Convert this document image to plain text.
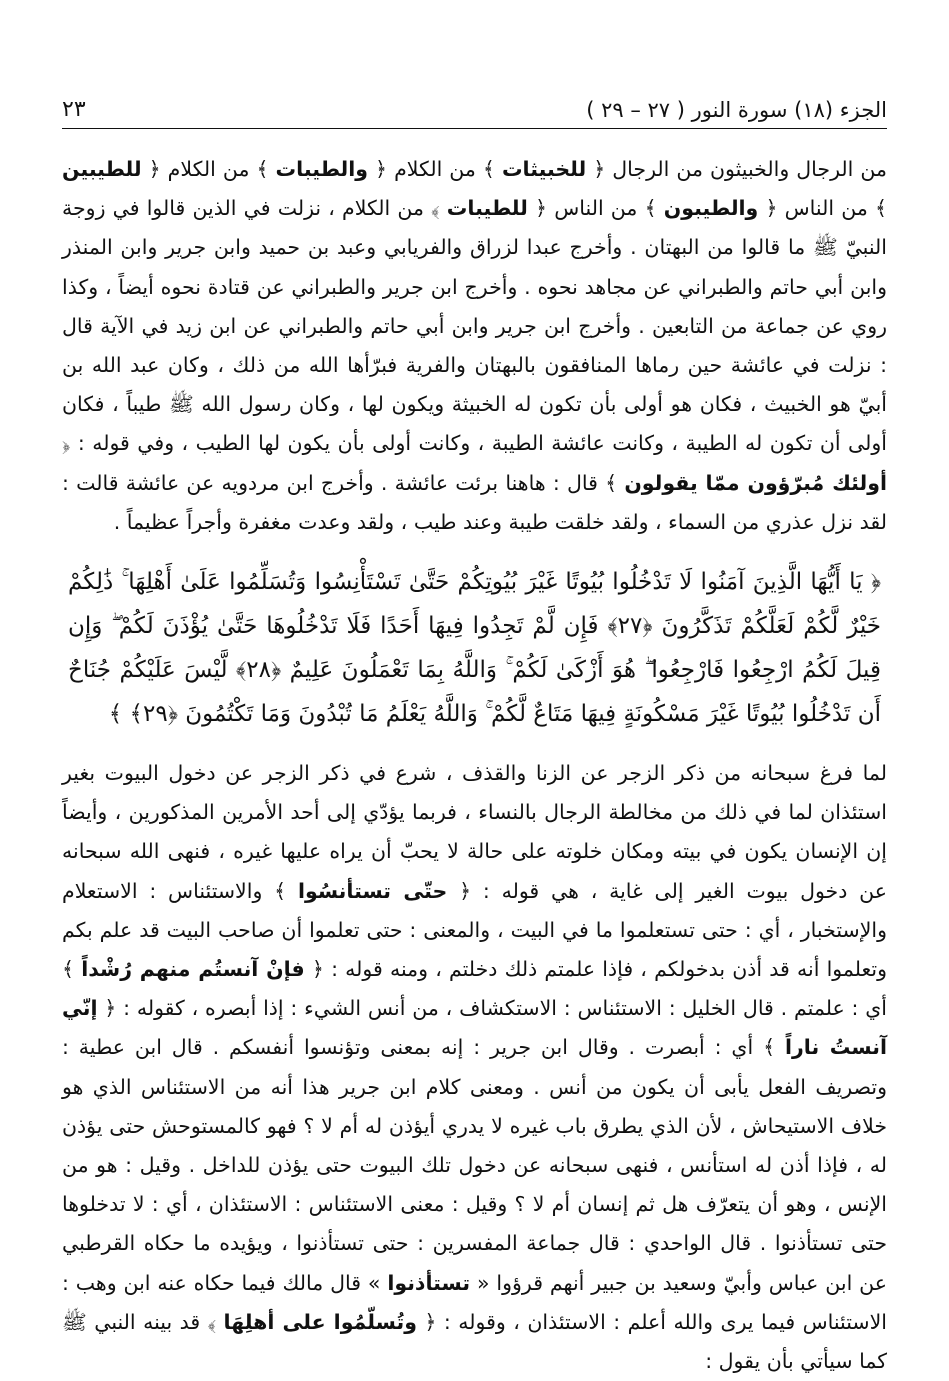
الجزء (١٨) سورة النور ( ٢٧ – ٢٩ )
٢٣

من الرجال والخبيثون من الرجال ﴿ للخبيثات ﴾ من الكلام ﴿ والطيبات ﴾ من الكلام ﴿ للطيبين ﴾ من الناس ﴿ والطيبون ﴾ من الناس ﴿ للطيبات ﴾ من الكلام ، نزلت في الذين قالوا في زوجة النبيّ ﷺ ما قالوا من البهتان . وأخرج عبدا لزراق والفريابي وعبد بن حميد وابن جرير وابن المنذر وابن أبي حاتم والطبراني عن مجاهد نحوه . وأخرج ابن جرير والطبراني عن قتادة نحوه أيضاً ، وكذا روي عن جماعة من التابعين . وأخرج ابن جرير وابن أبي حاتم والطبراني عن ابن زيد في الآية قال : نزلت في عائشة حين رماها المنافقون بالبهتان والفرية فبرّأها الله من ذلك ، وكان عبد الله بن أبيّ هو الخبيث ، فكان هو أولى بأن تكون له الخبيثة ويكون لها ، وكان رسول الله ﷺ طيباً ، فكان أولى أن تكون له الطيبة ، وكانت عائشة الطيبة ، وكانت أولى بأن يكون لها الطيب ، وفي قوله : ﴿ أولئك مُبرّؤون ممّا يقولون ﴾ قال : هاهنا برئت عائشة . وأخرج ابن مردويه عن عائشة قالت : لقد نزل عذري من السماء ، ولقد خلقت طيبة وعند طيب ، ولقد وعدت مغفرة وأجراً عظيماً .

﴿ يَا أَيُّهَا الَّذِينَ آمَنُوا لَا تَدْخُلُوا بُيُوتًا غَيْرَ بُيُوتِكُمْ حَتَّىٰ تَسْتَأْنِسُوا وَتُسَلِّمُوا عَلَىٰ أَهْلِهَا ۚ ذَٰلِكُمْ خَيْرٌ لَّكُمْ لَعَلَّكُمْ تَذَكَّرُونَ ﴿٢٧﴾ فَإِن لَّمْ تَجِدُوا فِيهَا أَحَدًا فَلَا تَدْخُلُوهَا حَتَّىٰ يُؤْذَنَ لَكُمْ ۖ وَإِن قِيلَ لَكُمُ ارْجِعُوا فَارْجِعُوا ۖ هُوَ أَزْكَىٰ لَكُمْ ۚ وَاللَّهُ بِمَا تَعْمَلُونَ عَلِيمٌ ﴿٢٨﴾ لَّيْسَ عَلَيْكُمْ جُنَاحٌ أَن تَدْخُلُوا بُيُوتًا غَيْرَ مَسْكُونَةٍ فِيهَا مَتَاعٌ لَّكُمْ ۚ وَاللَّهُ يَعْلَمُ مَا تُبْدُونَ وَمَا تَكْتُمُونَ ﴿٢٩﴾ ﴾

لما فرغ سبحانه من ذكر الزجر عن الزنا والقذف ، شرع في ذكر الزجر عن دخول البيوت بغير استئذان لما في ذلك من مخالطة الرجال بالنساء ، فربما يؤدّي إلى أحد الأمرين المذكورين ، وأيضاً إن الإنسان يكون في بيته ومكان خلوته على حالة لا يحبّ أن يراه عليها غيره ، فنهى الله سبحانه عن دخول بيوت الغير إلى غاية ، هي قوله : ﴿ حتّى تستأنسُوا ﴾ والاستئناس : الاستعلام والإستخبار ، أي : حتى تستعلموا ما في البيت ، والمعنى : حتى تعلموا أن صاحب البيت قد علم بكم وتعلموا أنه قد أذن بدخولكم ، فإذا علمتم ذلك دخلتم ، ومنه قوله : ﴿ فإنْ آنستُم منهم رُشْداً ﴾ أي : علمتم . قال الخليل : الاستئناس : الاستكشاف ، من أنس الشيء : إذا أبصره ، كقوله : ﴿ إنّي آنستُ ناراً ﴾ أي : أبصرت . وقال ابن جرير : إنه بمعنى وتؤنسوا أنفسكم . قال ابن عطية : وتصريف الفعل يأبى أن يكون من أنس . ومعنى كلام ابن جرير هذا أنه من الاستئناس الذي هو خلاف الاستيحاش ، لأن الذي يطرق باب غيره لا يدري أيؤذن له أم لا ؟ فهو كالمستوحش حتى يؤذن له ، فإذا أذن له استأنس ، فنهى سبحانه عن دخول تلك البيوت حتى يؤذن للداخل . وقيل : هو من الإنس ، وهو أن يتعرّف هل ثم إنسان أم لا ؟ وقيل : معنى الاستئناس : الاستئذان ، أي : لا تدخلوها حتى تستأذنوا . قال الواحدي : قال جماعة المفسرين : حتى تستأذنوا ، ويؤيده ما حكاه القرطبي عن ابن عباس وأبيّ وسعيد بن جبير أنهم قرؤوا « تستأذنوا » قال مالك فيما حكاه عنه ابن وهب : الاستئناس فيما يرى والله أعلم : الاستئذان ، وقوله : ﴿ وتُسلّمُوا على أهلِهَا ﴾ قد بينه النبي ﷺ كما سيأتي بأن يقول :
